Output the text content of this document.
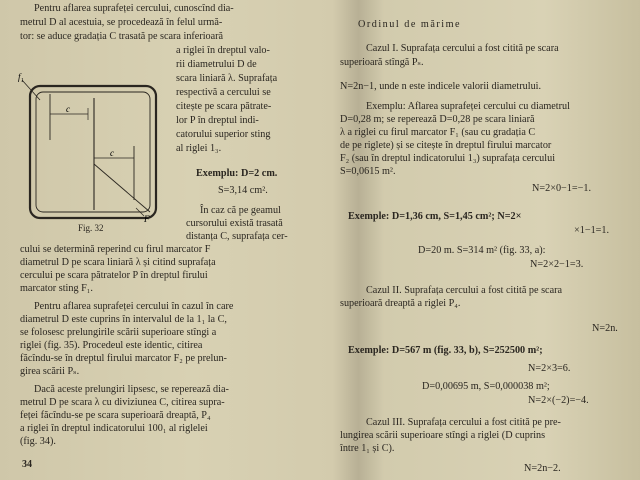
Pentru aflarea suprafeței cercului, cunoscînd dia-
metrul D al acestuia, se procedează în felul urmă-
tor: se aduce gradația C trasată pe scara inferioară
a riglei în dreptul valo-
rii diametrului D de
scara liniară λ. Suprafața
respectivă a cercului se
citește pe scara pătrate-
lor P în dreptul indi-
catorului superior sting
al riglei 1₃.
Exemplu: D=2 cm.
S=3,14 cm².
În caz că pe geamul
cursorului există trasată
distanța C, suprafața cer-
cului se determină reperind cu firul marcator F
diametrul D pe scara liniară λ și citind suprafața
cercului pe scara pătratelor P în dreptul firului
marcator sting F₁.
Pentru aflarea suprafeței cercului în cazul în care
diametrul D este cuprins în intervalul de la 1₁ la C,
se folosesc prelungirile scării superioare stîngi a
riglei (fig. 35). Procedeul este identic, citirea
făcîndu-se în dreptul firului marcator F₂ pe prelun-
girea scării Pₛ.
Dacă aceste prelungiri lipsesc, se reperează dia-
metrul D pe scara λ cu diviziunea C, citirea supra-
feței făcîndu-se pe scara superioară dreaptă, P₄
a riglei în dreptul indicatorului 100₁ al riglelei
(fig. 34).
f₁
c
c
F
Fig. 32
34
Ordinul de mărime
Cazul I. Suprafața cercului a fost citită pe scara
superioară stîngă Pₛ.
N=2n−1, unde n este indicele valorii diametrului.
Exemplu: Aflarea suprafeței cercului cu diametrul
D=0,28 m; se reperează D=0,28 pe scara liniară
λ a riglei cu firul marcator F₁ (sau cu gradația C
de pe riglete) și se citește în dreptul firului marcator
F₂ (sau în dreptul indicatorului 1₃) suprafața cercului
S=0,0615 m².
N=2×0−1=−1.
Exemple: D=1,36 cm, S=1,45 cm²; N=2×
×1−1=1.
D=20 m. S=314 m² (fig. 33, a):
N=2×2−1=3.
Cazul II. Suprafața cercului a fost citită pe scara
superioară dreaptă a riglei P₄.
N=2n.
Exemple: D=567 m (fig. 33, b), S=252500 m²;
N=2×3=6.
D=0,00695 m, S=0,000038 m²;
N=2×(−2)=−4.
Cazul III. Suprafața cercului a fost citită pe pre-
lungirea scării superioare stîngi a riglei (D cuprins
între 1₁ și C).
N=2n−2.
